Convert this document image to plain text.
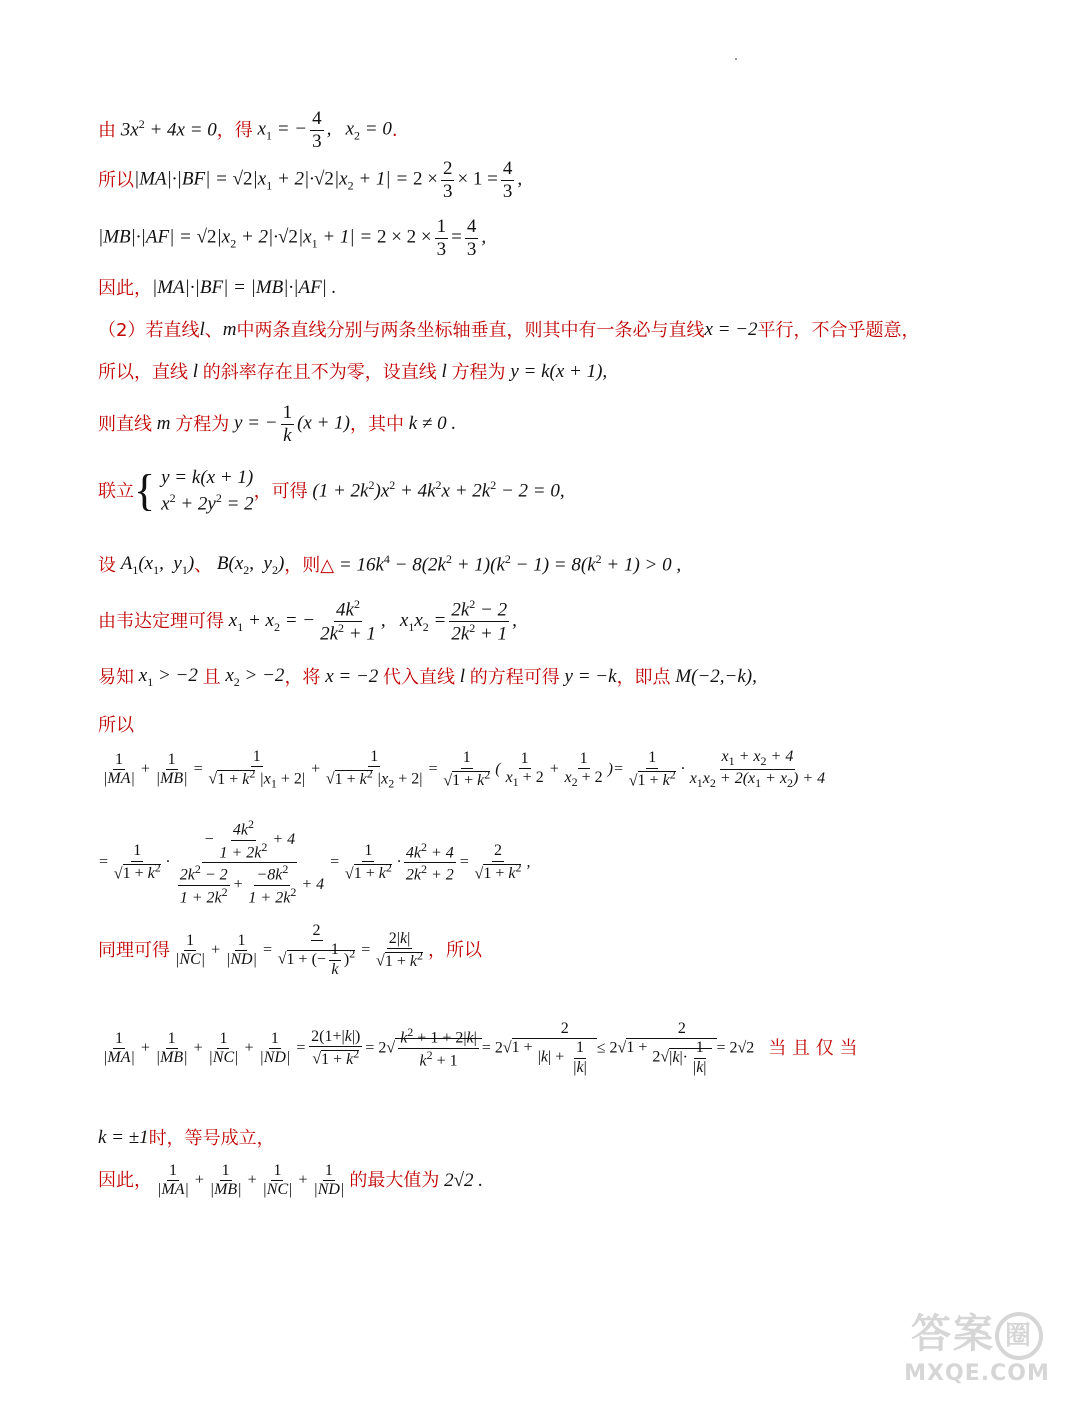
由 $3x^2 + 4x = 0$ ，得 $x_1$ = − $\frac{4}{3}$ ,   $x_2 = 0$ .
所以 $|MA|\cdot|BF| = √2|x_1 + 2|\cdot√2|x_2 + 1| = 2 \times \frac{2}{3} \times 1 = \frac{4}{3}$ ,
$|MB|\cdot|AF| = √2|x_2 + 2|\cdot√2|x_1 + 1| = 2 \times 2 \times \frac{1}{3} = \frac{4}{3}$ ,
因此， |MA|·|BF| = |MB|·|AF| .
（2）若直线 l 、 m 中两条直线分别与两条坐标轴垂直，则其中有一条必与直线 x = −2 平行，不合乎题意，
所以，直线 l 的斜率存在且不为零，设直线 l 方程为 y = k(x + 1),
则直线 m 方程为 y = − $\frac{1}{k} (x + 1)$ ，其中 k ≠ 0 .
联立 { y = k(x + 1)
$x^2 + 2y^2 = 2$
，可得 $(1 + 2k^2)x^2 + 4k^2x + 2k^2 - 2 = 0$,
设 $A_1(x_1$,  $y_1$) 、 $B(x_2$,  $y_2$) ，则△ = $16k^4 - 8(2k^2 + 1)(k^2 - 1) = 8(k^2 + 1) > 0$ ,
由韦达定理可得 $x_1 + x_2$ = − $\frac{4k^2}{2k^2 + 1}$ ,   $x_1x_2 = \frac{2k^2 - 2}{2k^2 + 1}$ ,
易知 $x_1 > -2$ 且 $x_2 > -2$ ，将 x = −2 代入直线 l 的方程可得 y = −k ，即点 M(−2,−k),
所以
$\frac{1}{|MA|} + \frac{1}{|MB|} = \frac{1}{√1 + k^2 |x_1 + 2|} + \frac{1}{√1 + k^2 |x_2 + 2|} = \frac{1}{√1 + k^2}$ ( $\frac{1}{x_1 + 2} + \frac{1}{x_2 + 2}$ )= $\frac{1}{√1 + k^2} \cdot \frac{x_1 + x_2 + 4}{x_1x_2 + 2(x_1 + x_2) + 4}$
= $\frac{1}{√1 + k^2} \cdot \frac{- \frac{4k^2}{1 + 2k^2} + 4}{\frac{2k^2 - 2}{1 + 2k^2} + \frac{-8k^2}{1 + 2k^2} + 4} = \frac{1}{√1 + k^2} \cdot \frac{4k^2 + 4}{2k^2 + 2} = \frac{2}{√1 + k^2}$ ,
同理可得 $\frac{1}{|NC|} + \frac{1}{|ND|} = \frac{2}{√1 + (- \frac{1}{k} )^2} = \frac{2|k|}{√1 + k^2}$ ，所以
$\frac{1}{|MA|} + \frac{1}{|MB|} + \frac{1}{|NC|} + \frac{1}{|ND|} = \frac{2(1+|k|)}{√1 + k^2} = 2√ \frac{k^2 + 1 + 2|k|}{k^2 + 1} = 2√1 + \frac{2}{|k| + \frac{1}{|k|}} \le 2√1 + \frac{2}{2√|k|\cdot \frac{1}{|k|}} = 2√2$ 当 且 仅 当
k = ±1 时，等号成立，
因此， $\frac{1}{|MA|} + \frac{1}{|MB|} + \frac{1}{|NC|} + \frac{1}{|ND|}$ 的最大值为 2√2 .
答案 圈
MXQE.COM
